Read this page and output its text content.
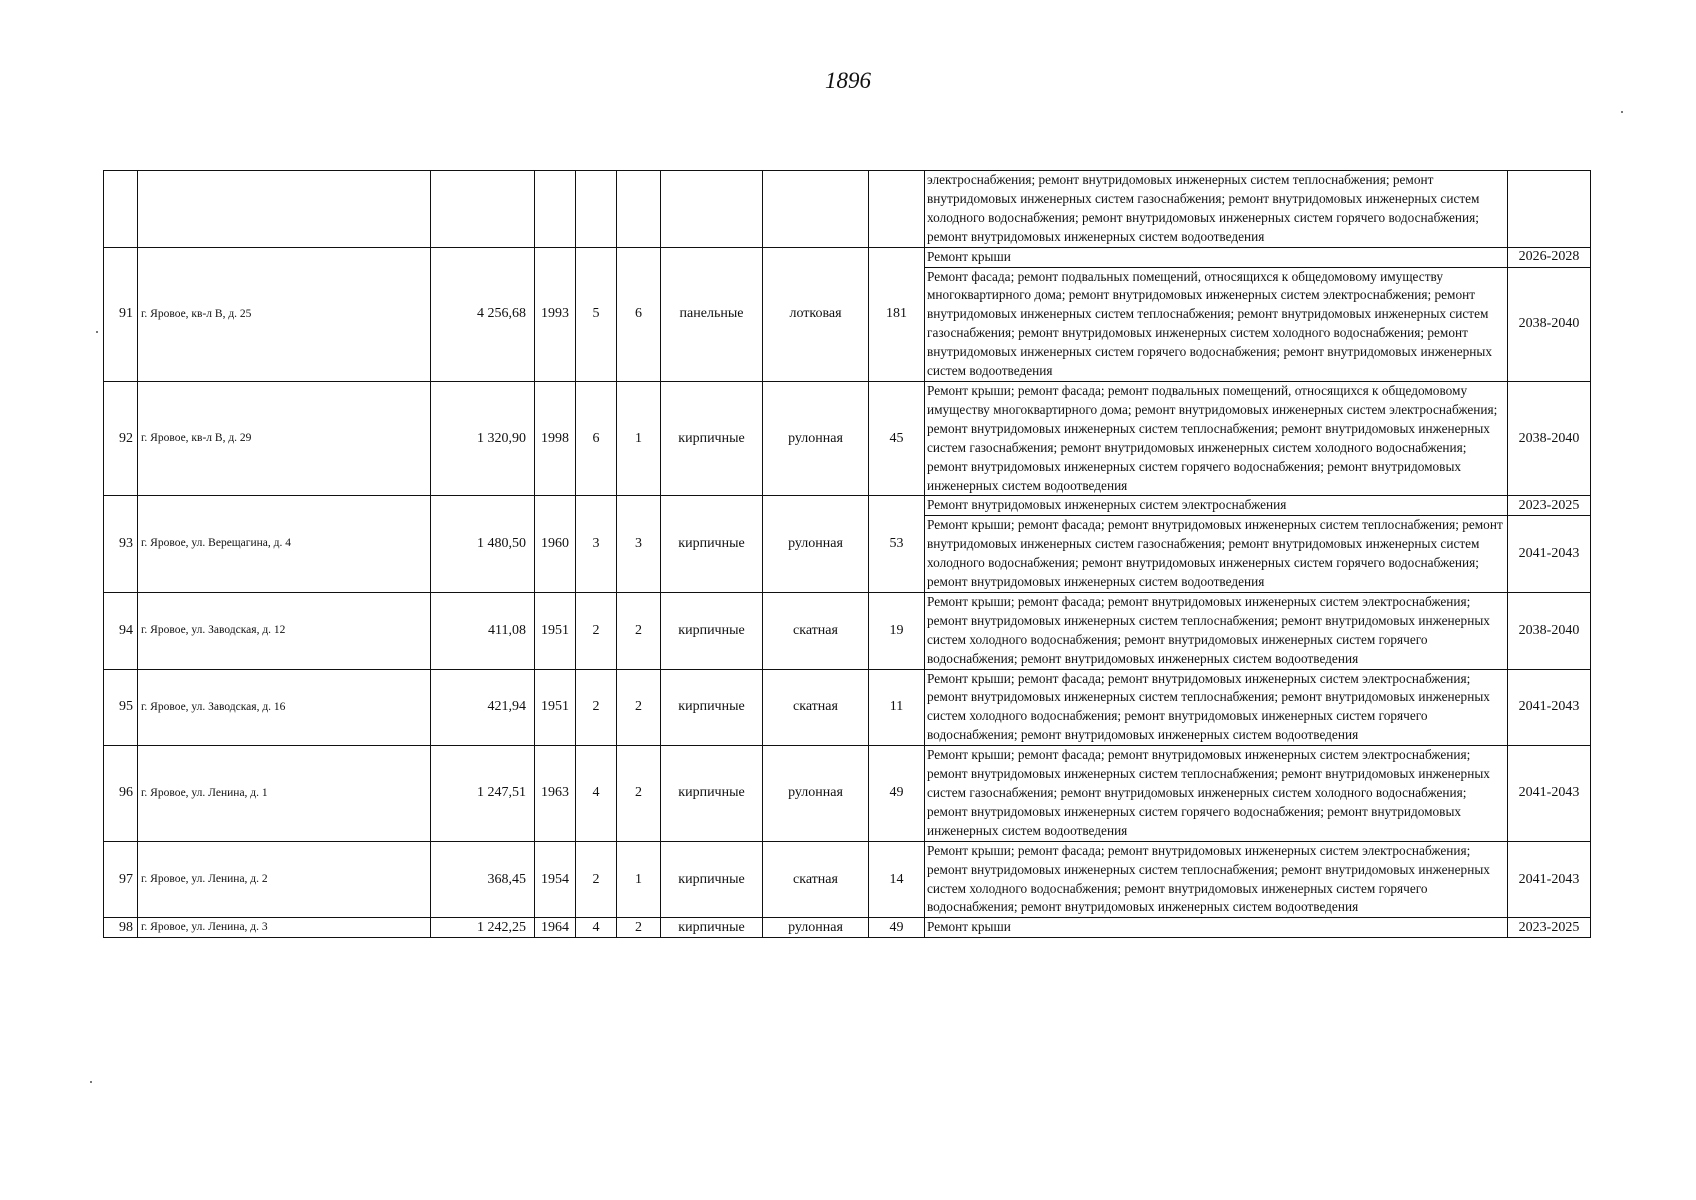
1896
									электроснабжения; ремонт внутридомовых инженерных систем теплоснабжения; ремонт внутридомовых инженерных систем газоснабжения; ремонт внутридомовых инженерных систем холодного водоснабжения; ремонт внутридомовых инженерных систем горячего водоснабжения; ремонт внутридомовых инженерных систем водоотведения	
91	г. Яровое, кв-л В, д. 25	4 256,68	1993	5	6	панельные	лотковая	181	Ремонт крыши	2026-2028
									Ремонт фасада; ремонт подвальных помещений, относящихся к общедомовому имуществу многоквартирного дома; ремонт внутридомовых инженерных систем электроснабжения; ремонт внутридомовых инженерных систем теплоснабжения; ремонт внутридомовых инженерных систем газоснабжения; ремонт внутридомовых инженерных систем холодного водоснабжения; ремонт внутридомовых инженерных систем горячего водоснабжения; ремонт внутридомовых инженерных систем водоотведения	2038-2040
92	г. Яровое, кв-л В, д. 29	1 320,90	1998	6	1	кирпичные	рулонная	45	Ремонт крыши; ремонт фасада; ремонт подвальных помещений, относящихся к общедомовому имуществу многоквартирного дома; ремонт внутридомовых инженерных систем электроснабжения; ремонт внутридомовых инженерных систем теплоснабжения; ремонт внутридомовых инженерных систем газоснабжения; ремонт внутридомовых инженерных систем холодного водоснабжения; ремонт внутридомовых инженерных систем горячего водоснабжения; ремонт внутридомовых инженерных систем водоотведения	2038-2040
93	г. Яровое, ул. Верещагина, д. 4	1 480,50	1960	3	3	кирпичные	рулонная	53	Ремонт внутридомовых инженерных систем электроснабжения	2023-2025
									Ремонт крыши; ремонт фасада; ремонт внутридомовых инженерных систем теплоснабжения; ремонт внутридомовых инженерных систем газоснабжения; ремонт внутридомовых инженерных систем холодного водоснабжения; ремонт внутридомовых инженерных систем горячего водоснабжения; ремонт внутридомовых инженерных систем водоотведения	2041-2043
94	г. Яровое, ул. Заводская, д. 12	411,08	1951	2	2	кирпичные	скатная	19	Ремонт крыши; ремонт фасада; ремонт внутридомовых инженерных систем электроснабжения; ремонт внутридомовых инженерных систем теплоснабжения; ремонт внутридомовых инженерных систем холодного водоснабжения; ремонт внутридомовых инженерных систем горячего водоснабжения; ремонт внутридомовых инженерных систем водоотведения	2038-2040
95	г. Яровое, ул. Заводская, д. 16	421,94	1951	2	2	кирпичные	скатная	11	Ремонт крыши; ремонт фасада; ремонт внутридомовых инженерных систем электроснабжения; ремонт внутридомовых инженерных систем теплоснабжения; ремонт внутридомовых инженерных систем холодного водоснабжения; ремонт внутридомовых инженерных систем горячего водоснабжения; ремонт внутридомовых инженерных систем водоотведения	2041-2043
96	г. Яровое, ул. Ленина, д. 1	1 247,51	1963	4	2	кирпичные	рулонная	49	Ремонт крыши; ремонт фасада; ремонт внутридомовых инженерных систем электроснабжения; ремонт внутридомовых инженерных систем теплоснабжения; ремонт внутридомовых инженерных систем газоснабжения; ремонт внутридомовых инженерных систем холодного водоснабжения; ремонт внутридомовых инженерных систем горячего водоснабжения; ремонт внутридомовых инженерных систем водоотведения	2041-2043
97	г. Яровое, ул. Ленина, д. 2	368,45	1954	2	1	кирпичные	скатная	14	Ремонт крыши; ремонт фасада; ремонт внутридомовых инженерных систем электроснабжения; ремонт внутридомовых инженерных систем теплоснабжения; ремонт внутридомовых инженерных систем холодного водоснабжения; ремонт внутридомовых инженерных систем горячего водоснабжения; ремонт внутридомовых инженерных систем водоотведения	2041-2043
98	г. Яровое, ул. Ленина, д. 3	1 242,25	1964	4	2	кирпичные	рулонная	49	Ремонт крыши	2023-2025
